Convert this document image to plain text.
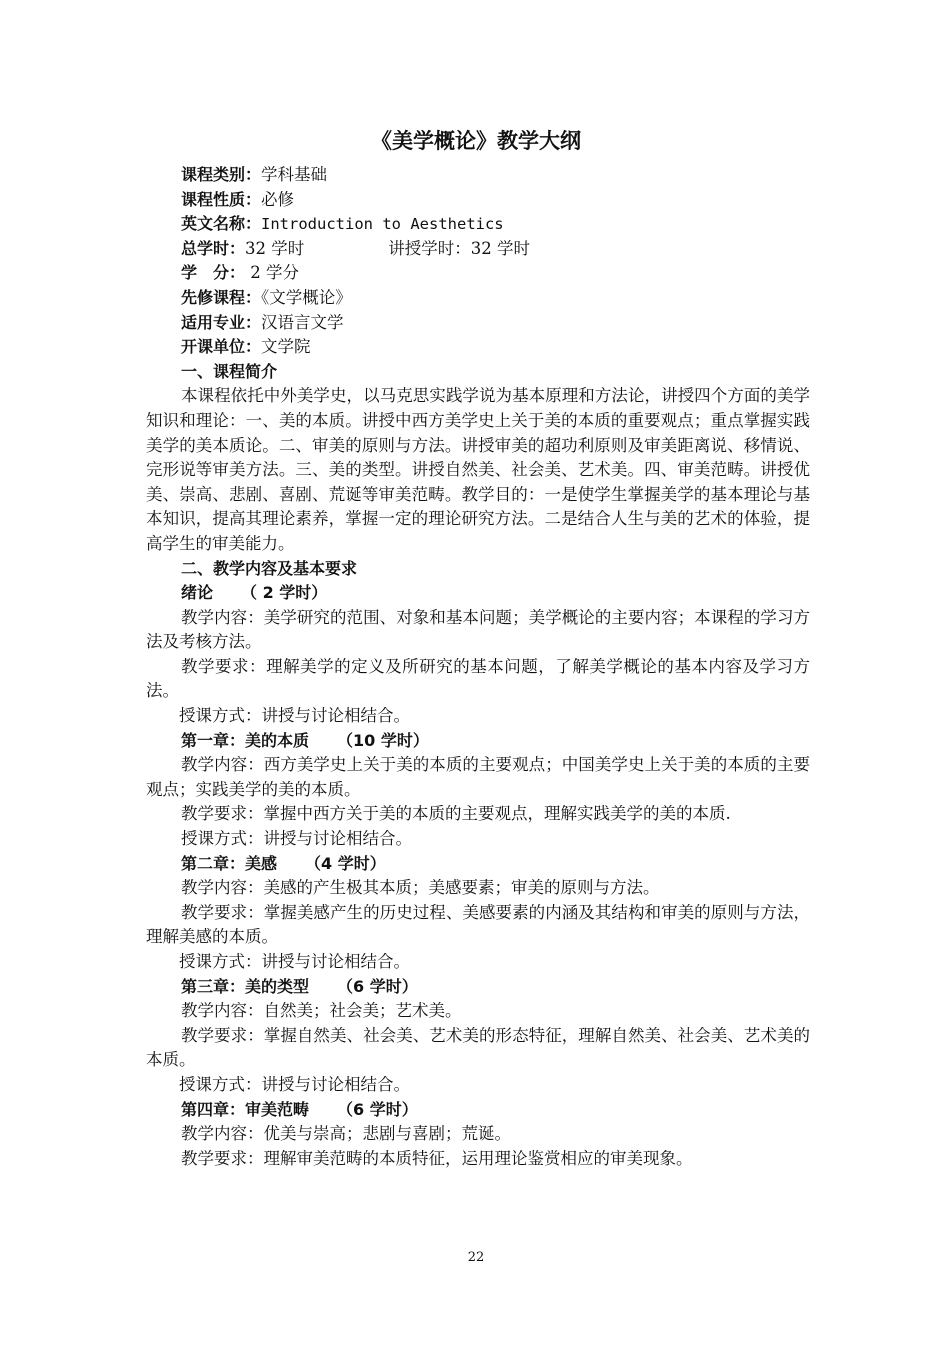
《美学概论》教学大纲
课程类别：学科基础
课程性质：必修
英文名称：Introduction to Aesthetics
总学时：32 学时	讲授学时：32 学时
学　分： 2 学分
先修课程：《文学概论》
适用专业：汉语言文学
开课单位：文学院
一、课程简介
本课程依托中外美学史，以马克思实践学说为基本原理和方法论，讲授四个方面的美学知识和理论：一、美的本质。讲授中西方美学史上关于美的本质的重要观点；重点掌握实践美学的美本质论。二、审美的原则与方法。讲授审美的超功利原则及审美距离说、移情说、完形说等审美方法。三、美的类型。讲授自然美、社会美、艺术美。四、审美范畴。讲授优美、崇高、悲剧、喜剧、荒诞等审美范畴。教学目的：一是使学生掌握美学的基本理论与基本知识，提高其理论素养，掌握一定的理论研究方法。二是结合人生与美的艺术的体验，提高学生的审美能力。
二、教学内容及基本要求
绪论 （ 2 学时）
教学内容：美学研究的范围、对象和基本问题；美学概论的主要内容；本课程的学习方法及考核方法。
教学要求：理解美学的定义及所研究的基本问题，了解美学概论的基本内容及学习方法。
授课方式：讲授与讨论相结合。
第一章：美的本质 （10 学时）
教学内容：西方美学史上关于美的本质的主要观点；中国美学史上关于美的本质的主要观点；实践美学的美的本质。
教学要求：掌握中西方关于美的本质的主要观点，理解实践美学的美的本质.
授课方式：讲授与讨论相结合。
第二章：美感 （4 学时）
教学内容：美感的产生极其本质；美感要素；审美的原则与方法。
教学要求：掌握美感产生的历史过程、美感要素的内涵及其结构和审美的原则与方法，理解美感的本质。
授课方式：讲授与讨论相结合。
第三章：美的类型 （6 学时）
教学内容：自然美；社会美；艺术美。
教学要求：掌握自然美、社会美、艺术美的形态特征，理解自然美、社会美、艺术美的本质。
授课方式：讲授与讨论相结合。
第四章：审美范畴 （6 学时）
教学内容：优美与崇高；悲剧与喜剧；荒诞。
教学要求：理解审美范畴的本质特征，运用理论鉴赏相应的审美现象。
22
